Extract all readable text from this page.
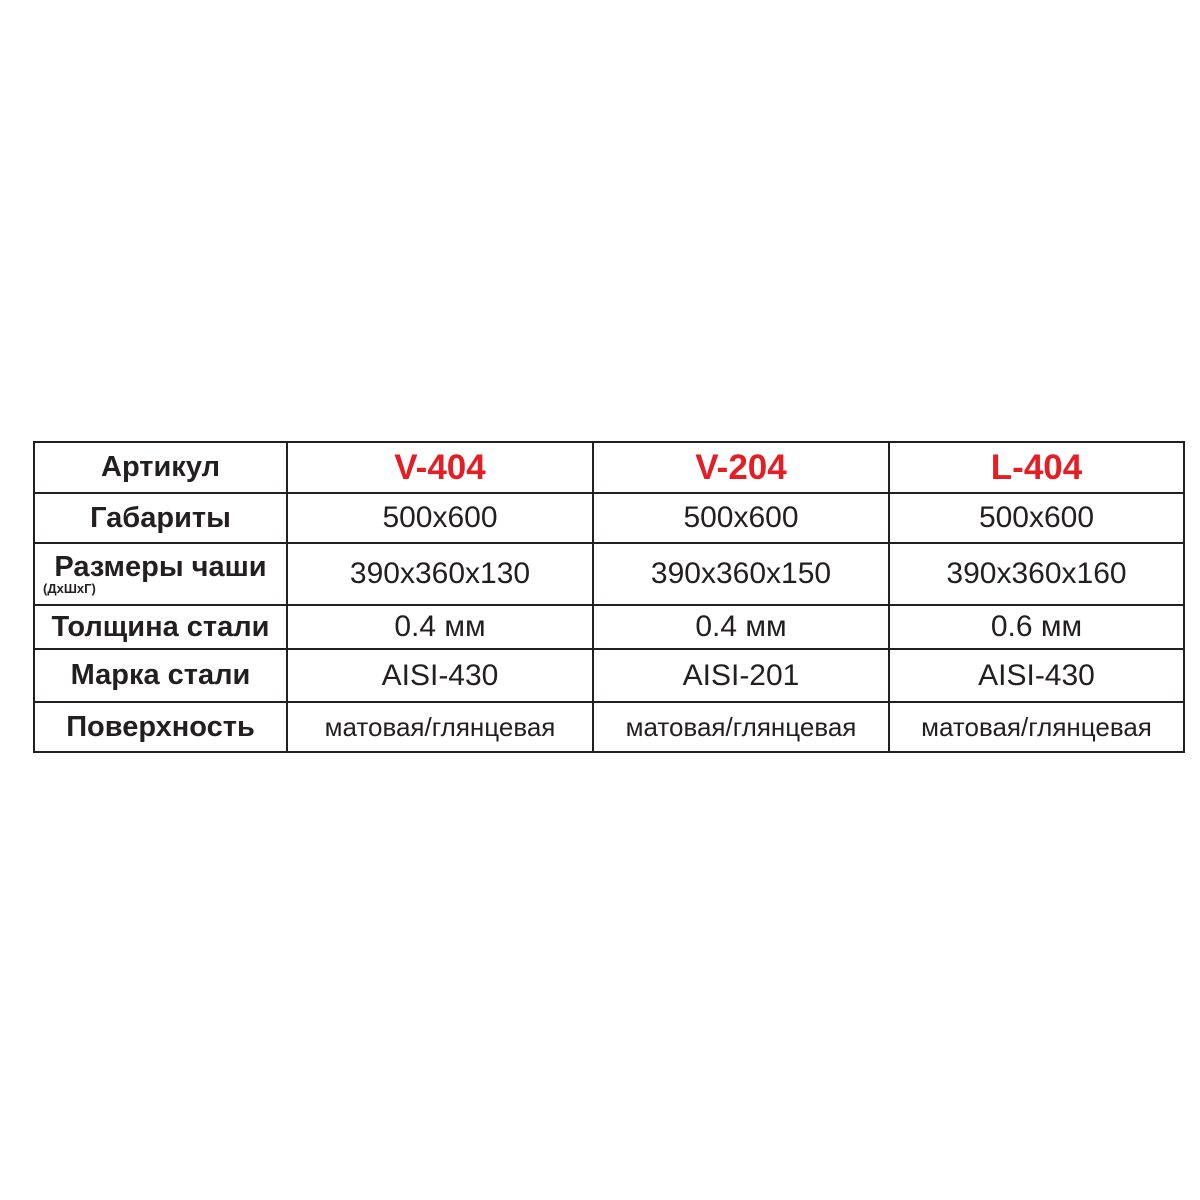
Артикул	V-404	V-204	L-404
Габариты	500x600	500x600	500x600

Размеры чаши
(ДхШхГ)	390x360x130	390x360x150	390x360x160
Толщина стали	0.4 мм	0.4 мм	0.6 мм
Марка стали	AISI-430	AISI-201	AISI-430
Поверхность	матовая/глянцевая	матовая/глянцевая	матовая/глянцевая
